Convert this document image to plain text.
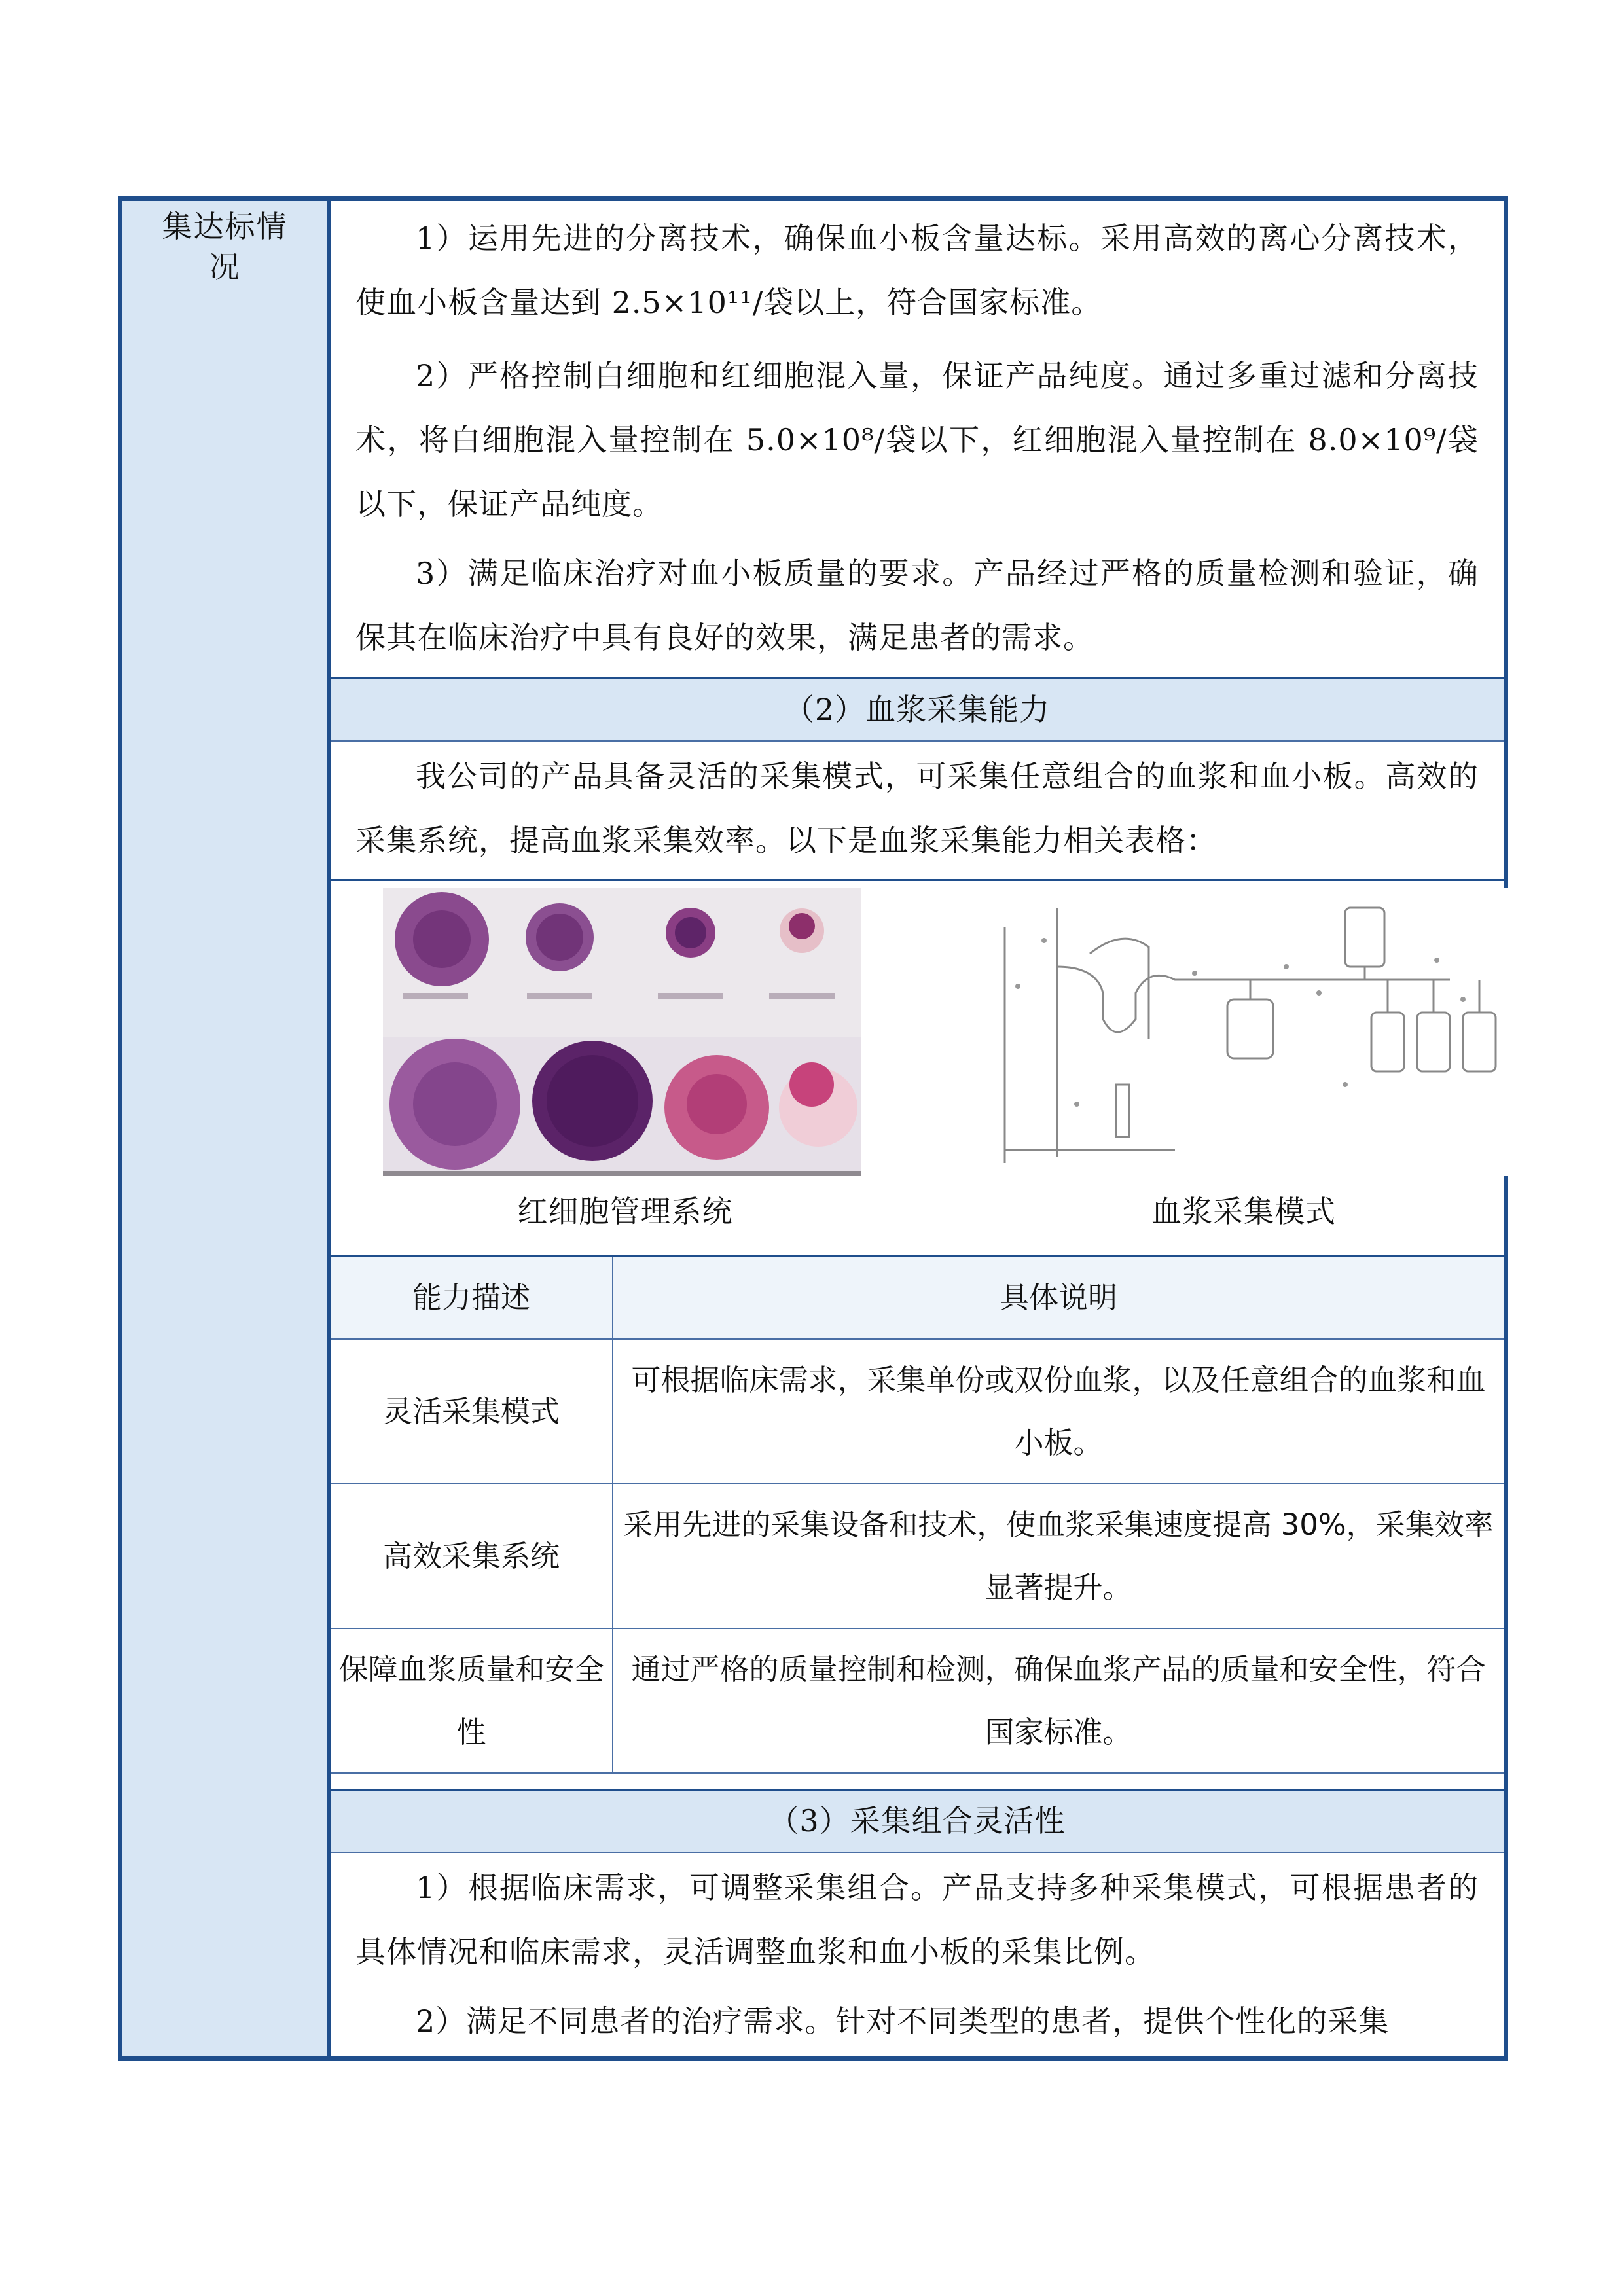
集达标情况
1）运用先进的分离技术，确保血小板含量达标。采用高效的离心分离技术，使血小板含量达到 2.5×10¹¹/袋以上，符合国家标准。
2）严格控制白细胞和红细胞混入量，保证产品纯度。通过多重过滤和分离技术，将白细胞混入量控制在 5.0×10⁸/袋以下，红细胞混入量控制在 8.0×10⁹/袋以下，保证产品纯度。
3）满足临床治疗对血小板质量的要求。产品经过严格的质量检测和验证，确保其在临床治疗中具有良好的效果，满足患者的需求。
（2）血浆采集能力
我公司的产品具备灵活的采集模式，可采集任意组合的血浆和血小板。高效的采集系统，提高血浆采集效率。以下是血浆采集能力相关表格：
红细胞管理系统	血浆采集模式
能力描述	具体说明
灵活采集模式	可根据临床需求，采集单份或双份血浆，以及任意组合的血浆和血小板。
高效采集系统	采用先进的采集设备和技术，使血浆采集速度提高 30%，采集效率显著提升。
保障血浆质量和安全性	通过严格的质量控制和检测，确保血浆产品的质量和安全性，符合国家标准。
（3）采集组合灵活性
1）根据临床需求，可调整采集组合。产品支持多种采集模式，可根据患者的具体情况和临床需求，灵活调整血浆和血小板的采集比例。
2）满足不同患者的治疗需求。针对不同类型的患者，提供个性化的采集
